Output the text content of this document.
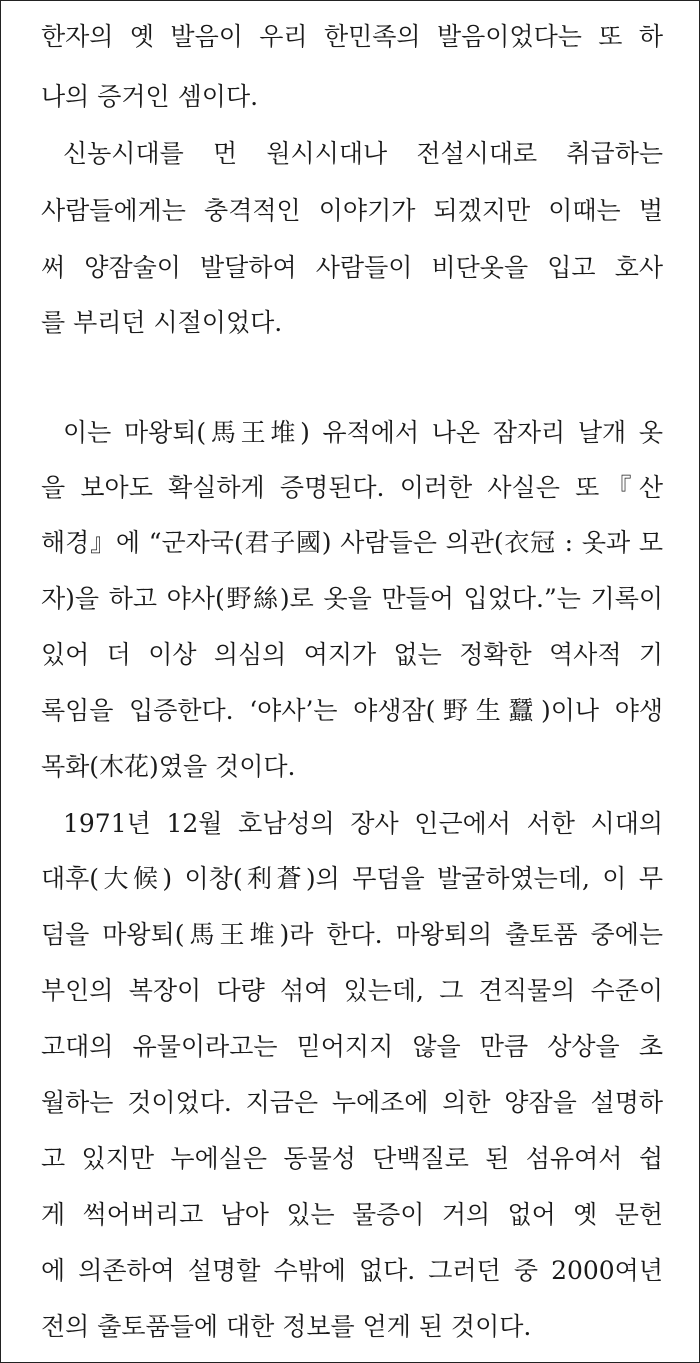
한자의 옛 발음이 우리 한민족의 발음이었다는 또 하
나의 증거인 셈이다.
신농시대를 먼 원시시대나 전설시대로 취급하는
사람들에게는 충격적인 이야기가 되겠지만 이때는 벌
써 양잠술이 발달하여 사람들이 비단옷을 입고 호사
를 부리던 시절이었다.
이는 마왕퇴(馬王堆) 유적에서 나온 잠자리 날개 옷
을 보아도 확실하게 증명된다. 이러한 사실은 또『산
해경』에 “군자국(君子國) 사람들은 의관(衣冠 : 옷과 모
자)을 하고 야사(野絲)로 옷을 만들어 입었다.”는 기록이
있어 더 이상 의심의 여지가 없는 정확한 역사적 기
록임을 입증한다. ‘야사’는 야생잠(野生蠶)이나 야생
목화(木花)였을 것이다.
1971년 12월 호남성의 장사 인근에서 서한 시대의
대후(大候) 이창(利蒼)의 무덤을 발굴하였는데, 이 무
덤을 마왕퇴(馬王堆)라 한다. 마왕퇴의 출토품 중에는
부인의 복장이 다량 섞여 있는데, 그 견직물의 수준이
고대의 유물이라고는 믿어지지 않을 만큼 상상을 초
월하는 것이었다. 지금은 누에조에 의한 양잠을 설명하
고 있지만 누에실은 동물성 단백질로 된 섬유여서 쉽
게 썩어버리고 남아 있는 물증이 거의 없어 옛 문헌
에 의존하여 설명할 수밖에 없다. 그러던 중 2000여년
전의 출토품들에 대한 정보를 얻게 된 것이다.
